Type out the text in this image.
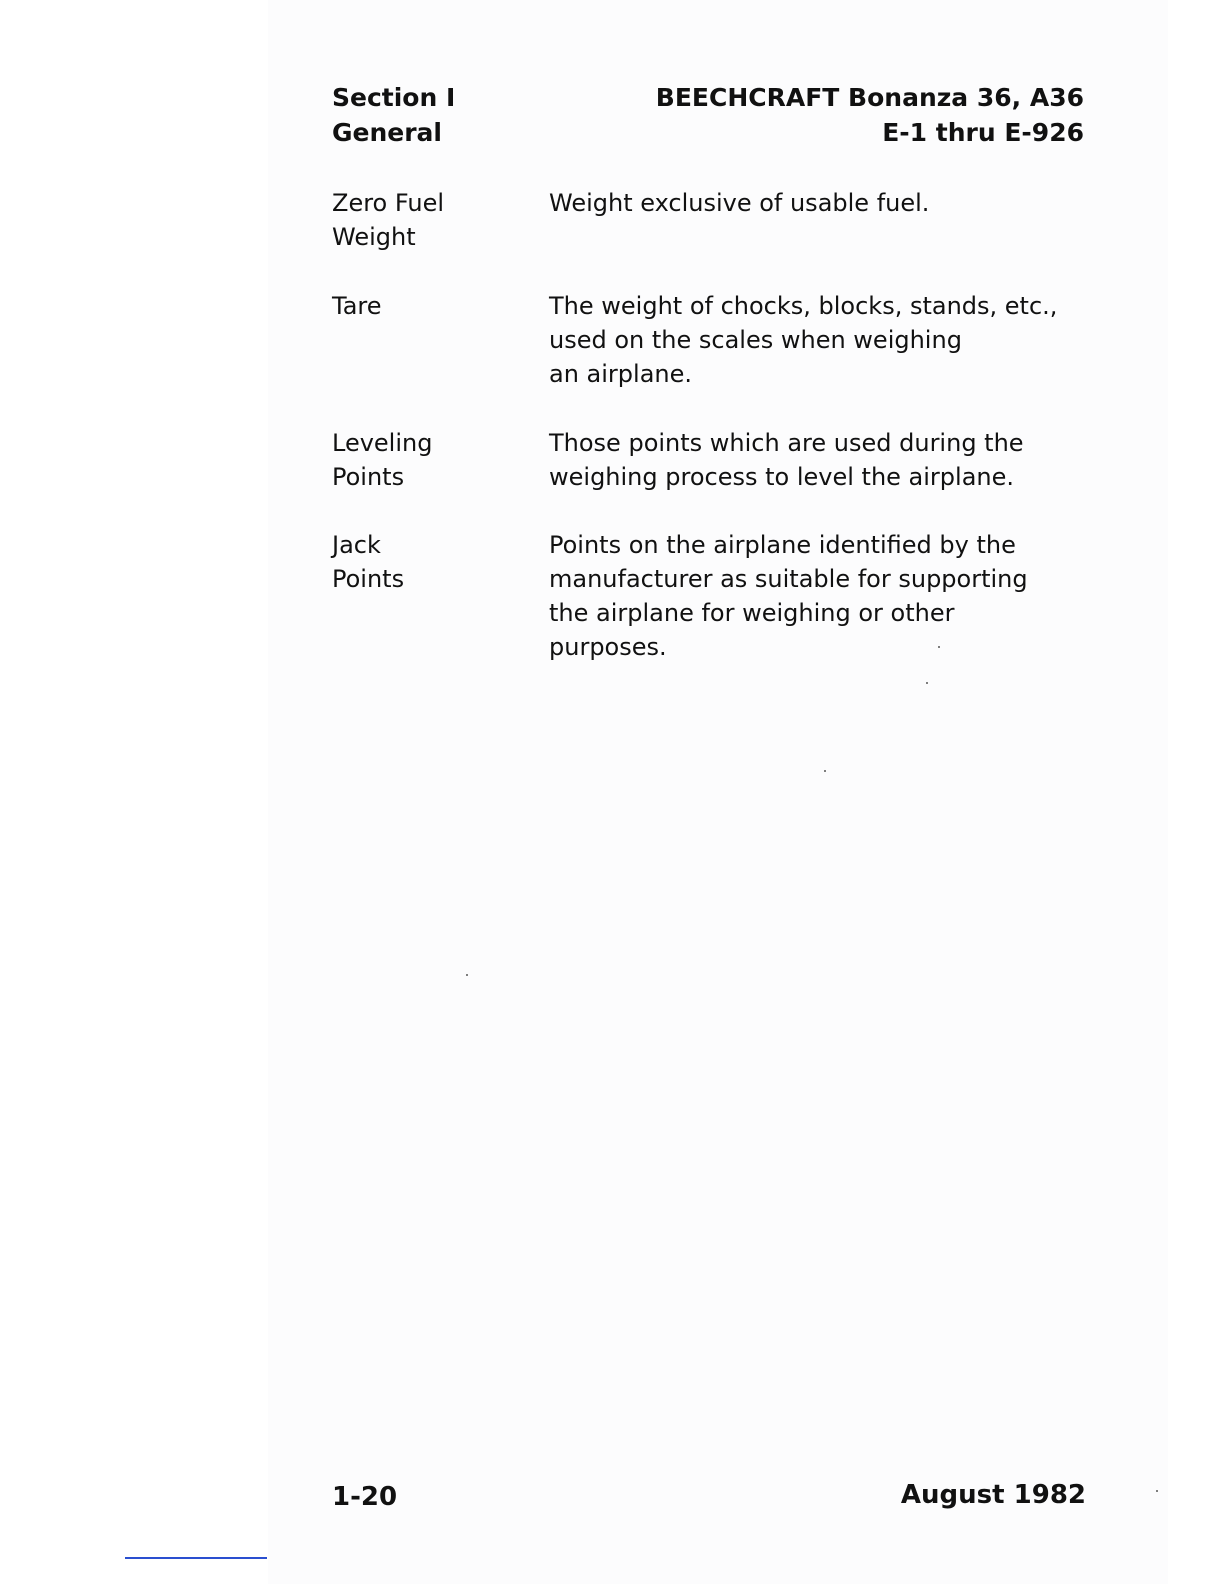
Section I
General
BEECHCRAFT Bonanza 36, A36
E-1 thru E-926
Zero Fuel
Weight
Weight exclusive of usable fuel.
Tare	The weight of chocks, blocks, stands, etc.,
used on the scales when weighing
an airplane.
Leveling
Points
Those points which are used during the
weighing process to level the airplane.
Jack
Points
Points on the airplane identified by the
manufacturer as suitable for supporting
the airplane for weighing or other
purposes.
1-20	August 1982
